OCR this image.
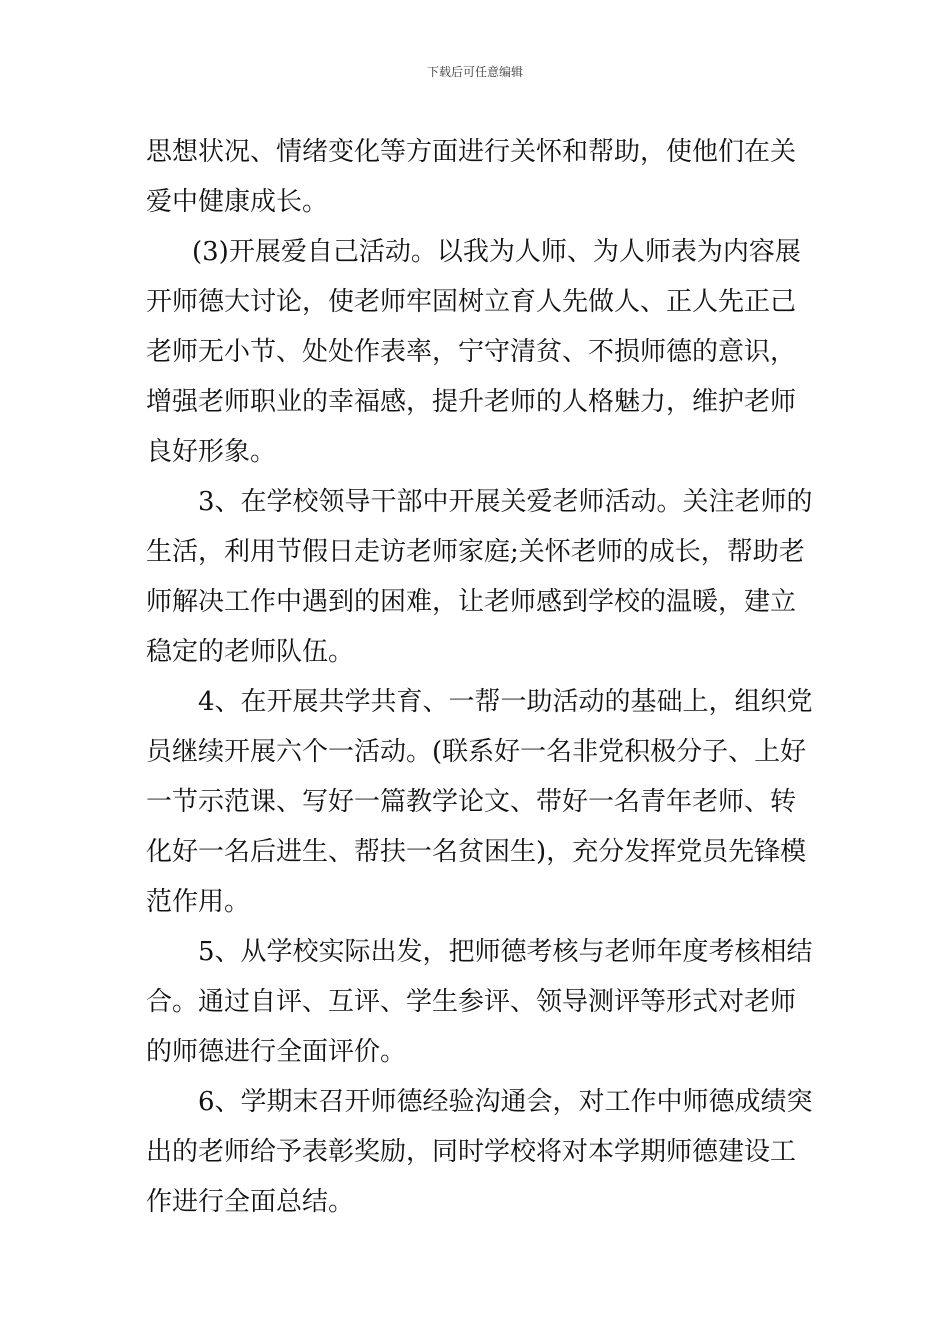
下载后可任意编辑

思想状况、情绪变化等方面进行关怀和帮助，使他们在关
爱中健康成长。

(3)开展爱自己活动。以我为人师、为人师表为内容展
开师德大讨论，使老师牢固树立育人先做人、正人先正己
老师无小节、处处作表率，宁守清贫、不损师德的意识，
增强老师职业的幸福感，提升老师的人格魅力，维护老师
良好形象。

3、在学校领导干部中开展关爱老师活动。关注老师的
生活，利用节假日走访老师家庭;关怀老师的成长，帮助老
师解决工作中遇到的困难，让老师感到学校的温暖，建立
稳定的老师队伍。

4、在开展共学共育、一帮一助活动的基础上，组织党
员继续开展六个一活动。(联系好一名非党积极分子、上好
一节示范课、写好一篇教学论文、带好一名青年老师、转
化好一名后进生、帮扶一名贫困生)，充分发挥党员先锋模
范作用。

5、从学校实际出发，把师德考核与老师年度考核相结
合。通过自评、互评、学生参评、领导测评等形式对老师
的师德进行全面评价。

6、学期末召开师德经验沟通会，对工作中师德成绩突
出的老师给予表彰奖励，同时学校将对本学期师德建设工
作进行全面总结。
